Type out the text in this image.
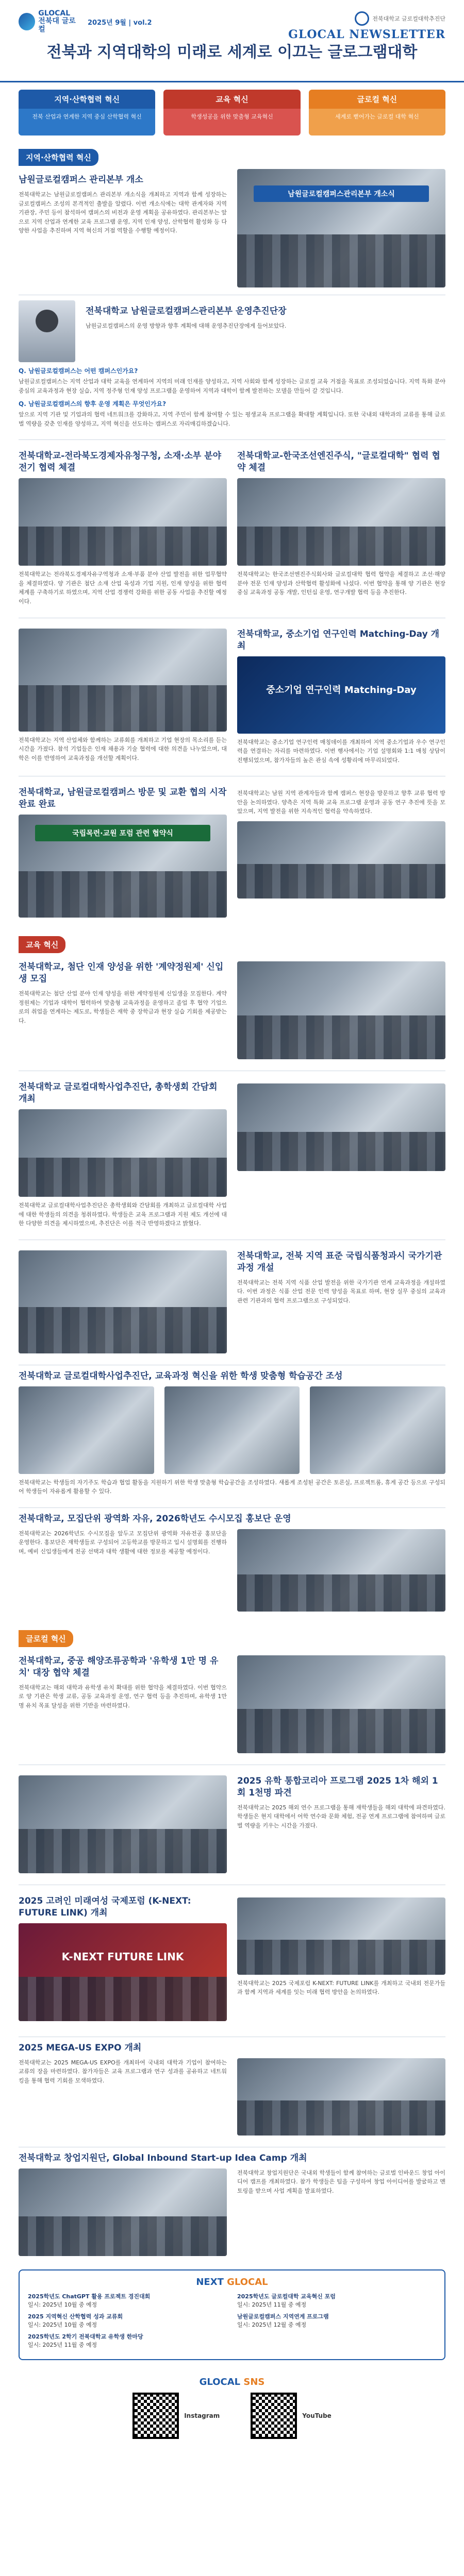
GLOCAL
전북대 글로컬
2025년 9월 | vol.2	전북대학교 글로컬대학추진단
GLOCAL NEWSLETTER
전북과 지역대학의 미래로 세계로 이끄는 글로그램대학
지역·산학협력 혁신
전북 산업과 연계한 지역 중심 산학협력 혁신
교육 혁신
학생성공을 위한 맞춤형 교육혁신
글로컬 혁신
세계로 뻗어가는 글로컬 대학 혁신
지역·산학협력 혁신
남원글로컬캠퍼스 관리본부 개소
전북대학교는 남원글로컬캠퍼스 관리본부 개소식을 개최하고 지역과 함께 성장하는 글로컬캠퍼스 조성의 본격적인 출발을 알렸다. 이번 개소식에는 대학 관계자와 지역 기관장, 주민 등이 참석하여 캠퍼스의 비전과 운영 계획을 공유하였다. 관리본부는 앞으로 지역 산업과 연계한 교육 프로그램 운영, 지역 인재 양성, 산학협력 활성화 등 다양한 사업을 추진하며 지역 혁신의 거점 역할을 수행할 예정이다.
남원글로컬캠퍼스관리본부 개소식
전북대학교 남원글로컬캠퍼스관리본부 운영추진단장
남원글로컬캠퍼스의 운영 방향과 향후 계획에 대해 운영추진단장에게 들어보았다.
Q. 남원글로컬캠퍼스는 어떤 캠퍼스인가요?
남원글로컬캠퍼스는 지역 산업과 대학 교육을 연계하여 지역의 미래 인재를 양성하고, 지역 사회와 함께 성장하는 글로컬 교육 거점을 목표로 조성되었습니다. 지역 특화 분야 중심의 교육과정과 현장 실습, 지역 정주형 인재 양성 프로그램을 운영하여 지역과 대학이 함께 발전하는 모델을 만들어 갈 것입니다.
Q. 남원글로컬캠퍼스의 향후 운영 계획은 무엇인가요?
앞으로 지역 기관 및 기업과의 협력 네트워크를 강화하고, 지역 주민이 함께 참여할 수 있는 평생교육 프로그램을 확대할 계획입니다. 또한 국내외 대학과의 교류를 통해 글로벌 역량을 갖춘 인재를 양성하고, 지역 혁신을 선도하는 캠퍼스로 자리매김하겠습니다.
전북대학교-전라북도경제자유청구청, 소재·소부 분야 전기 협력 체결
전북대학교는 전라북도경제자유구역청과 소재·부품 분야 산업 발전을 위한 업무협약을 체결하였다. 양 기관은 첨단 소재 산업 육성과 기업 지원, 인재 양성을 위한 협력 체계를 구축하기로 하였으며, 지역 산업 경쟁력 강화를 위한 공동 사업을 추진할 예정이다.
전북대학교-한국조선엔진주식, "글로컬대학" 협력 협약 체결
전북대학교는 한국조선엔진주식회사와 글로컬대학 협력 협약을 체결하고 조선·해양 분야 전문 인재 양성과 산학협력 활성화에 나섰다. 이번 협약을 통해 양 기관은 현장 중심 교육과정 공동 개발, 인턴십 운영, 연구개발 협력 등을 추진한다.
전북대학교는 지역 산업체와 함께하는 교류회를 개최하고 기업 현장의 목소리를 듣는 시간을 가졌다. 참석 기업들은 인재 채용과 기술 협력에 대한 의견을 나누었으며, 대학은 이를 반영하여 교육과정을 개선할 계획이다.
전북대학교, 중소기업 연구인력 Matching-Day 개최
중소기업 연구인력 Matching-Day
전북대학교는 중소기업 연구인력 매칭데이를 개최하여 지역 중소기업과 우수 연구인력을 연결하는 자리를 마련하였다. 이번 행사에서는 기업 설명회와 1:1 매칭 상담이 진행되었으며, 참가자들의 높은 관심 속에 성황리에 마무리되었다.
전북대학교, 남원글로컬캠퍼스 방문 및 교환 협의 시작 완료 완료
국립목련·교원 포럼 관련 협약식
전북대학교는 남원 지역 관계자들과 함께 캠퍼스 현장을 방문하고 향후 교류 협력 방안을 논의하였다. 양측은 지역 특화 교육 프로그램 운영과 공동 연구 추진에 뜻을 모았으며, 지역 발전을 위한 지속적인 협력을 약속하였다.
교육 혁신
전북대학교, 첨단 인재 양성을 위한 '계약정원제' 신입생 모집
전북대학교는 첨단 산업 분야 인재 양성을 위한 계약정원제 신입생을 모집한다. 계약정원제는 기업과 대학이 협력하여 맞춤형 교육과정을 운영하고 졸업 후 협약 기업으로의 취업을 연계하는 제도로, 학생들은 재학 중 장학금과 현장 실습 기회를 제공받는다.
전북대학교 글로컬대학사업추진단, 총학생회 간담회 개최
전북대학교 글로컬대학사업추진단은 총학생회와 간담회를 개최하고 글로컬대학 사업에 대한 학생들의 의견을 청취하였다. 학생들은 교육 프로그램과 지원 제도 개선에 대한 다양한 의견을 제시하였으며, 추진단은 이를 적극 반영하겠다고 밝혔다.
전북대학교, 전북 지역 표준 국립식품청과시 국가기관 과정 개설
전북대학교는 전북 지역 식품 산업 발전을 위한 국가기관 연계 교육과정을 개설하였다. 이번 과정은 식품 산업 전문 인력 양성을 목표로 하며, 현장 실무 중심의 교육과 관련 기관과의 협력 프로그램으로 구성되었다.
전북대학교 글로컬대학사업추진단, 교육과정 혁신을 위한 학생 맞춤형 학습공간 조성
전북대학교는 학생들의 자기주도 학습과 협업 활동을 지원하기 위한 학생 맞춤형 학습공간을 조성하였다. 새롭게 조성된 공간은 토론실, 프로젝트룸, 휴게 공간 등으로 구성되어 학생들이 자유롭게 활용할 수 있다.
전북대학교, 모집단위 광역화 자유, 2026학년도 수시모집 홍보단 운영
전북대학교는 2026학년도 수시모집을 앞두고 모집단위 광역화 자유전공 홍보단을 운영한다. 홍보단은 재학생들로 구성되어 고등학교를 방문하고 입시 설명회를 진행하며, 예비 신입생들에게 전공 선택과 대학 생활에 대한 정보를 제공할 예정이다.
글로컬 혁신
전북대학교, 중공 해양조류공학과 '유학생 1만 명 유치' 대장 협약 체결
전북대학교는 해외 대학과 유학생 유치 확대를 위한 협약을 체결하였다. 이번 협약으로 양 기관은 학생 교류, 공동 교육과정 운영, 연구 협력 등을 추진하며, 유학생 1만 명 유치 목표 달성을 위한 기반을 마련하였다.
2025 유학 통합코리아 프로그램 2025 1차 해외 1회 1천명 파견
전북대학교는 2025 해외 연수 프로그램을 통해 재학생들을 해외 대학에 파견하였다. 학생들은 현지 대학에서 어학 연수와 문화 체험, 전공 연계 프로그램에 참여하며 글로벌 역량을 키우는 시간을 가졌다.
2025 고려인 미래여성 국제포럼 (K-NEXT: FUTURE LINK) 개최
K-NEXT FUTURE LINK
전북대학교는 2025 국제포럼 K-NEXT: FUTURE LINK를 개최하고 국내외 전문가들과 함께 지역과 세계를 잇는 미래 협력 방안을 논의하였다.
2025 MEGA-US EXPO 개최
전북대학교는 2025 MEGA-US EXPO를 개최하여 국내외 대학과 기업이 참여하는 교류의 장을 마련하였다. 참가자들은 교육 프로그램과 연구 성과를 공유하고 네트워킹을 통해 협력 기회를 모색하였다.
전북대학교 창업지원단, Global Inbound Start-up Idea Camp 개최
전북대학교 창업지원단은 국내외 학생들이 함께 참여하는 글로벌 인바운드 창업 아이디어 캠프를 개최하였다. 참가 학생들은 팀을 구성하여 창업 아이디어를 발굴하고 멘토링을 받으며 사업 계획을 발표하였다.
NEXT GLOCAL
2025학년도 ChatGPT 활용 프로젝트 경진대회
일시: 2025년 10월 중 예정
2025 지역혁신 산학협력 성과 교류회
일시: 2025년 10월 중 예정
2025학년도 2학기 전북대학교 유학생 한마당
일시: 2025년 11월 중 예정
2025학년도 글로컬대학 교육혁신 포럼
일시: 2025년 11월 중 예정
남원글로컬캠퍼스 지역연계 프로그램
일시: 2025년 12월 중 예정
GLOCAL SNS
Instagram	YouTube
